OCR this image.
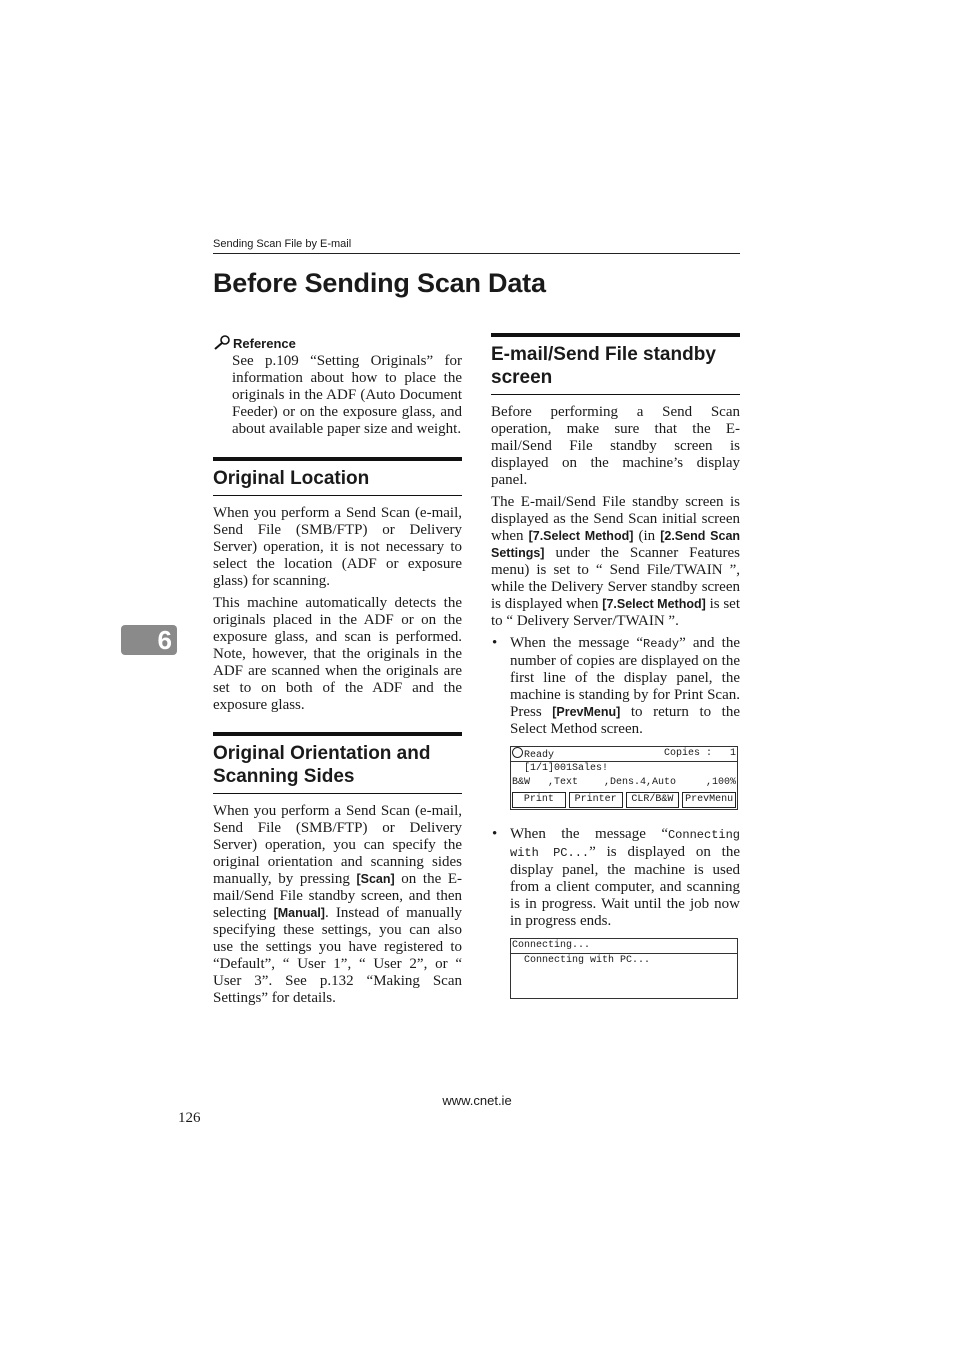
Sending Scan File by E-mail
Before Sending Scan Data
6
Reference

See p.109 “Setting Originals” for information about how to place the originals in the ADF (Auto Document Feeder) or on the exposure glass, and about available paper size and weight.

Original Location

When you perform a Send Scan (e-mail, Send File (SMB/FTP) or Delivery Server) operation, it is not necessary to select the location (ADF or exposure glass) for scanning.

This machine automatically detects the originals placed in the ADF or on the exposure glass, and scan is performed. Note, however, that the originals in the ADF are scanned when the originals are set to on both of the ADF and the exposure glass.

Original Orientation and Scanning Sides

When you perform a Send Scan (e-mail, Send File (SMB/FTP) or Delivery Server) operation, you can specify the original orientation and scanning sides manually, by pressing [Scan] on the E-mail/Send File standby screen, and then selecting [Manual]. Instead of manually specifying these settings, you can also use the settings you have registered to “Default”, “ User 1”, “ User 2”, or “ User 3”. See p.132 “Making Scan Settings” for details.

E-mail/Send File standby screen

Before performing a Send Scan operation, make sure that the E-mail/Send File standby screen is displayed on the machine’s display panel.

The E-mail/Send File standby screen is displayed as the Send Scan initial screen when [7.Select Method] (in [2.Send Scan Settings] under the Scanner Features menu) is set to “ Send File/TWAIN ”, while the Delivery Server standby screen is displayed when [7.Select Method] is set to “ Delivery Server/TWAIN ”.

• When the message “Ready” and the number of copies are displayed on the first line of the display panel, the machine is standing by for Print Scan. Press [PrevMenu] to return to the Select Method screen.
Ready	Copies :   1
[1/1]001Sales!
B&W   ,Text	,Dens.4,Auto     ,100%
Print	Printer	CLR/B&W	PrevMenu
• When the message “Connecting with PC...” is displayed on the display panel, the machine is used from a client computer, and scanning is in progress. Wait until the job now in progress ends.
Connecting...
Connecting with PC...
www.cnet.ie
126
